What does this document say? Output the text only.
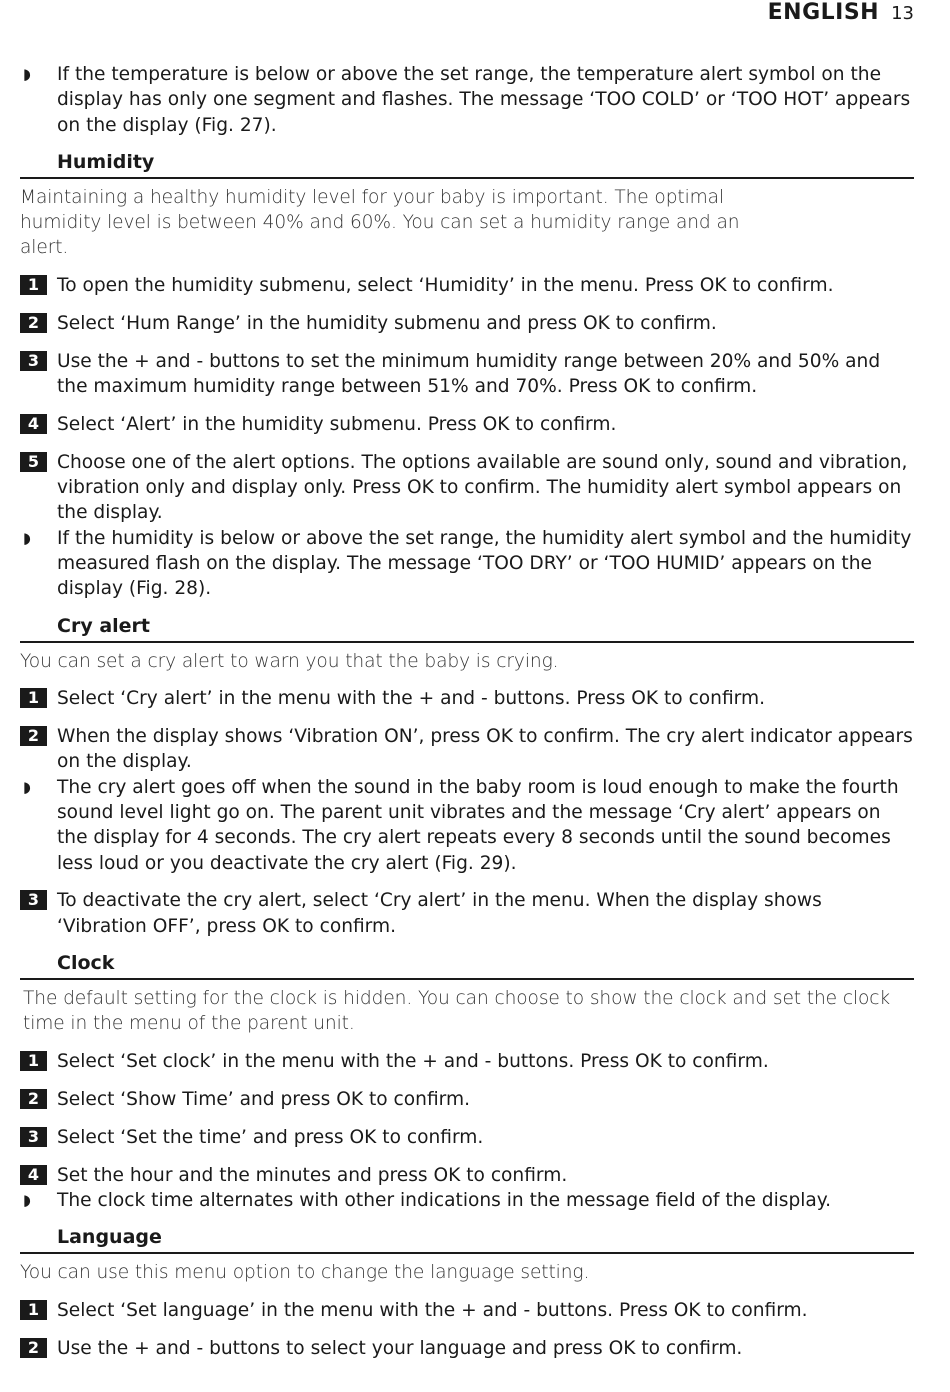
ENGLISH 13
◗ If the temperature is below or above the set range, the temperature alert symbol on the display has only one segment and flashes. The message ‘TOO COLD’ or ‘TOO HOT’ appears on the display (Fig. 27).
Humidity
Maintaining a healthy humidity level for your baby is important. The optimal humidity level is between 40% and 60%. You can set a humidity range and an alert.
1 To open the humidity submenu, select ‘Humidity’ in the menu. Press OK to confirm.
2 Select ‘Hum Range’ in the humidity submenu and press OK to confirm.
3 Use the + and - buttons to set the minimum humidity range between 20% and 50% and the maximum humidity range between 51% and 70%. Press OK to confirm.
4 Select ‘Alert’ in the humidity submenu. Press OK to confirm.
5 Choose one of the alert options. The options available are sound only, sound and vibration, vibration only and display only. Press OK to confirm. The humidity alert symbol appears on the display.
◗ If the humidity is below or above the set range, the humidity alert symbol and the humidity measured flash on the display. The message ‘TOO DRY’ or ‘TOO HUMID’ appears on the display (Fig. 28).
Cry alert
You can set a cry alert to warn you that the baby is crying.
1 Select ‘Cry alert’ in the menu with the + and - buttons. Press OK to confirm.
2 When the display shows ‘Vibration ON’, press OK to confirm. The cry alert indicator appears on the display.
◗ The cry alert goes off when the sound in the baby room is loud enough to make the fourth sound level light go on. The parent unit vibrates and the message ‘Cry alert’ appears on the display for 4 seconds. The cry alert repeats every 8 seconds until the sound becomes less loud or you deactivate the cry alert (Fig. 29).
3 To deactivate the cry alert, select ‘Cry alert’ in the menu. When the display shows ‘Vibration OFF’, press OK to confirm.
Clock
The default setting for the clock is hidden. You can choose to show the clock and set the clock time in the menu of the parent unit.
1 Select ‘Set clock’ in the menu with the + and - buttons. Press OK to confirm.
2 Select ‘Show Time’ and press OK to confirm.
3 Select ‘Set the time’ and press OK to confirm.
4 Set the hour and the minutes and press OK to confirm.
◗ The clock time alternates with other indications in the message field of the display.
Language
You can use this menu option to change the language setting.
1 Select ‘Set language’ in the menu with the + and - buttons. Press OK to confirm.
2 Use the + and - buttons to select your language and press OK to confirm.
